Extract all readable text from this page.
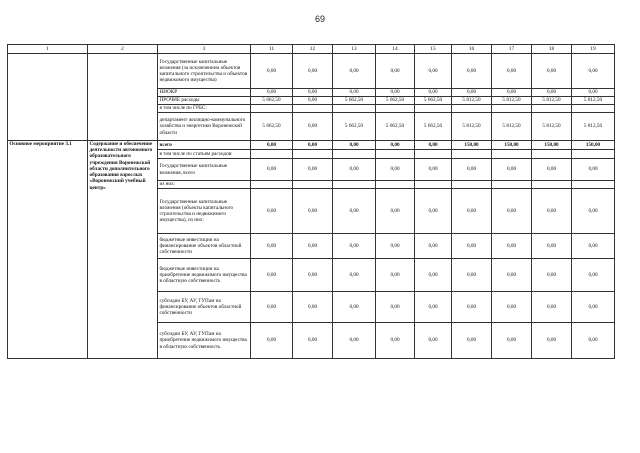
69
1	2	3	11	12	13	14	15	16	17	18	19
		Государственные капитальные вложения (за исключением объектов капитального строительства и объектов недвижимого имущества)	0,00	0,00	0,00	0,00	0,00	0,00	0,00	0,00	0,00
		НИОКР	0,00	0,00	0,00	0,00	0,00	0,00	0,00	0,00	0,00
		ПРОЧИЕ расходы	5 662,50	0,00	5 662,50	5 662,50	5 662,50	5 812,50	5 812,50	5 812,50	5 812,50
		в том числе по ГРБС:									
		департамент жилищно-коммунального хозяйства и энергетики Воронежской области	5 662,50	0,00	5 662,50	5 662,50	5 662,50	5 812,50	5 812,50	5 812,50	5 812,50
Основное мероприятие 3.1	Содержание и обеспечение деятельности автономного образовательного учреждения Воронежской области дополнительного образования взрослых «Воронежский учебный центр»	всего	0,00	0,00	0,00	0,00	0,00	150,00	150,00	150,00	150,00
		в том числе по статьям расходов:									
		Государственные капитальные вложения, всего	0,00	0,00	0,00	0,00	0,00	0,00	0,00	0,00	0,00
		из них:									
		Государственные капитальные вложения (объекты капитального строительства и недвижимого имущества), из них:	0,00	0,00	0,00	0,00	0,00	0,00	0,00	0,00	0,00
		бюджетные инвестиции на финансирование объектов областной собственности	0,00	0,00	0,00	0,00	0,00	0,00	0,00	0,00	0,00
		бюджетные инвестиции на приобретение недвижимого имущества в областную собственность	0,00	0,00	0,00	0,00	0,00	0,00	0,00	0,00	0,00
		субсидии БУ, АУ, ГУПам на финансирование объектов областной собственности	0,00	0,00	0,00	0,00	0,00	0,00	0,00	0,00	0,00
		субсидии БУ, АУ, ГУПам на приобретение недвижимого имущества в областную собственность	0,00	0,00	0,00	0,00	0,00	0,00	0,00	0,00	0,00
